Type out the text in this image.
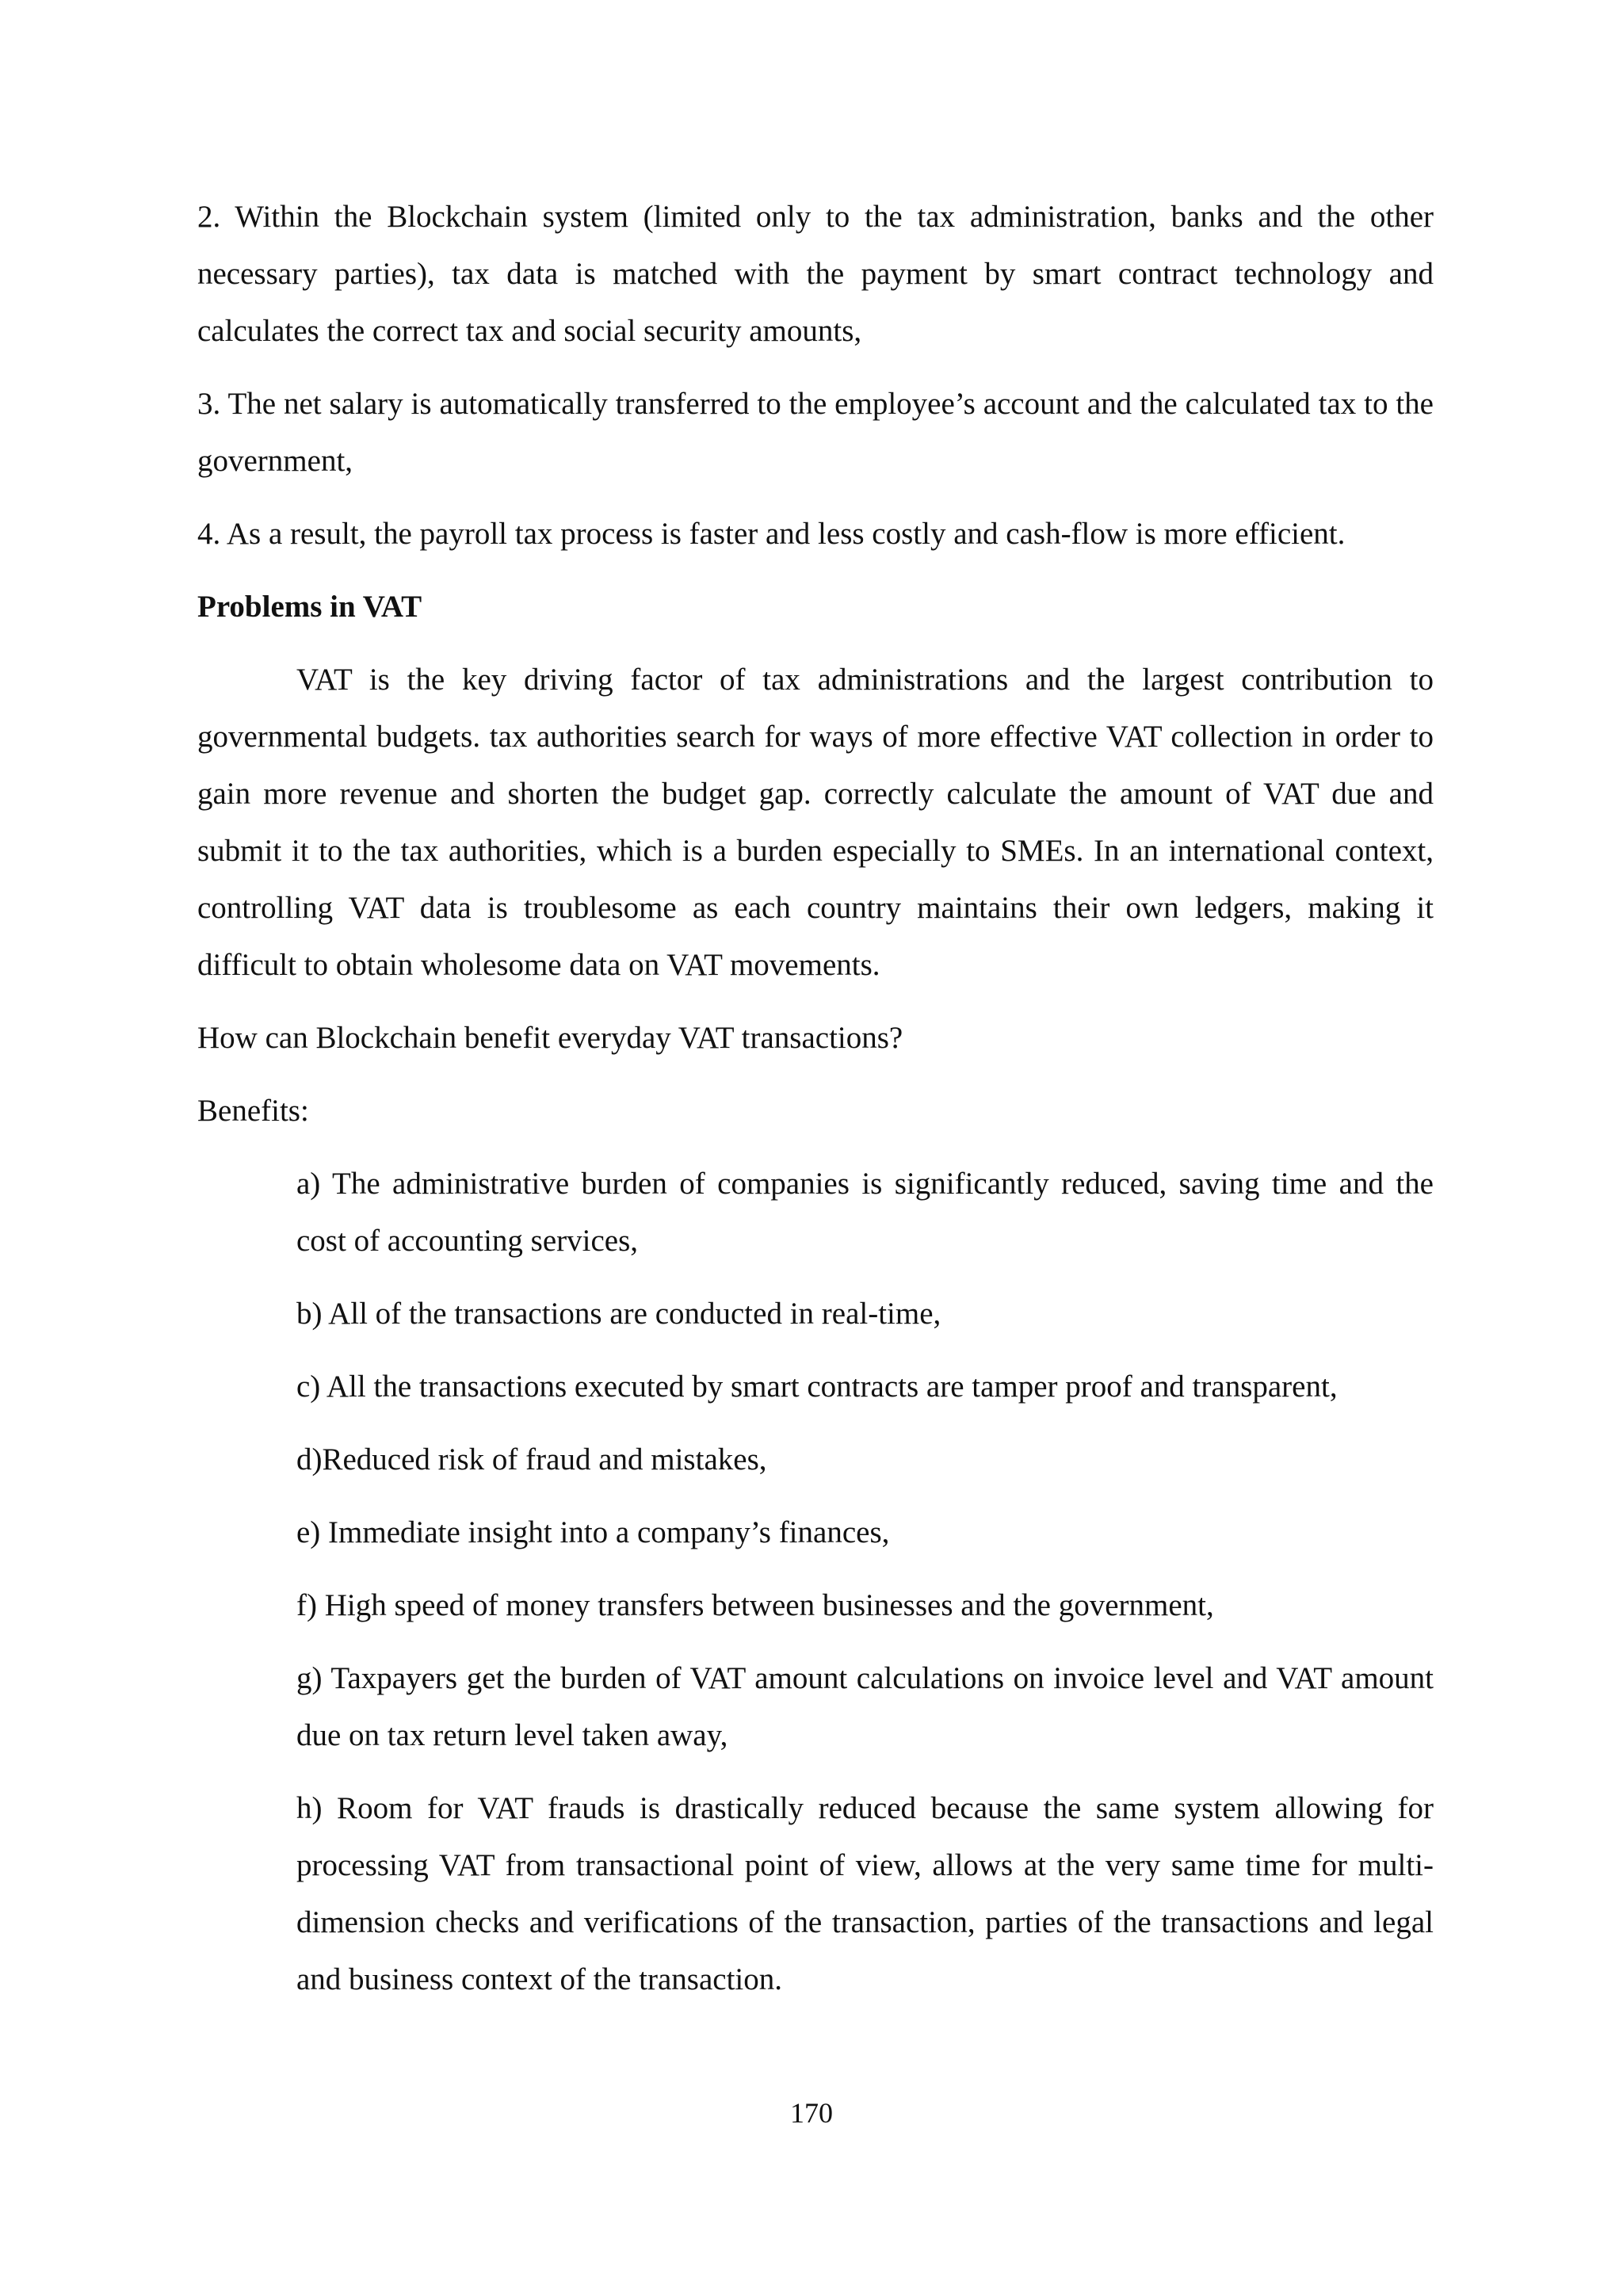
2. Within the Blockchain system (limited only to the tax administration, banks and the other necessary parties), tax data is matched with the payment by smart contract technology and calculates the correct tax and social security amounts,

3. The net salary is automatically transferred to the employee’s account and the calculated tax to the government,

4. As a result, the payroll tax process is faster and less costly and cash-flow is more efficient.

Problems in VAT

VAT is the key driving factor of tax administrations and the largest contribution to governmental budgets. tax authorities search for ways of more effective VAT collection in order to gain more revenue and shorten the budget gap. correctly calculate the amount of VAT due and submit it to the tax authorities, which is a burden especially to SMEs. In an international context, controlling VAT data is troublesome as each country maintains their own ledgers, making it difficult to obtain wholesome data on VAT movements.

How can Blockchain benefit everyday VAT transactions?

Benefits:

a) The administrative burden of companies is significantly reduced, saving time and the cost of accounting services,
b) All of the transactions are conducted in real-time,
c) All the transactions executed by smart contracts are tamper proof and transparent,
d)Reduced risk of fraud and mistakes,
e) Immediate insight into a company’s finances,
f) High speed of money transfers between businesses and the government,
g) Taxpayers get the burden of VAT amount calculations on invoice level and VAT amount due on tax return level taken away,
h) Room for VAT frauds is drastically reduced because the same system allowing for processing VAT from transactional point of view, allows at the very same time for multi-dimension checks and verifications of the transaction, parties of the transactions and legal and business context of the transaction.
170
